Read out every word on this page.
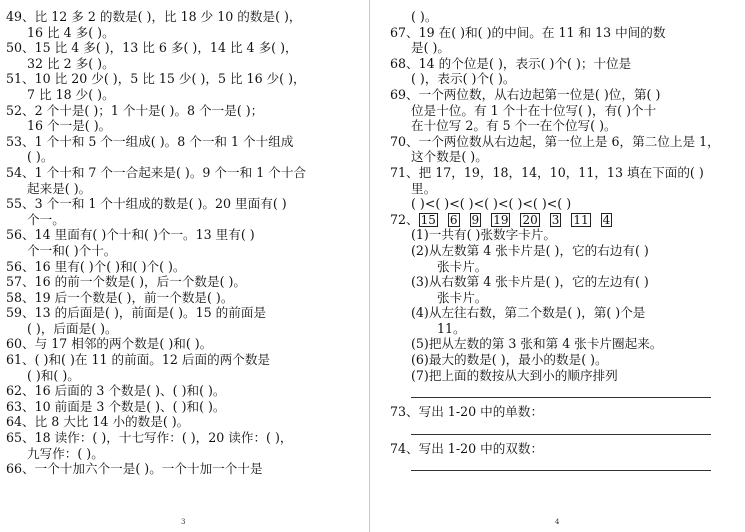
49、比 12 多 2 的数是( )，比 18 少 10 的数是( )，
16 比 4 多( )。
50、15 比 4 多( )，13 比 6 多( )，14 比 4 多( )，
32 比 2 多( )。
51、10 比 20 少( )，5 比 15 少( )，5 比 16 少( )，
7 比 18 少( )。
52、2 个十是( )；1 个十是( )。8 个一是( )；
16 个一是( )。
53、1 个十和 5 个一组成( )。8 个一和 1 个十组成
( )。
54、1 个十和 7 个一合起来是( )。9 个一和 1 个十合
起来是( )。
55、3 个一和 1 个十组成的数是( )。20 里面有( )
个一。
56、14 里面有( )个十和( )个一。13 里有( )
个一和( )个十。
56、16 里有( )个( )和( )个( )。
57、16 的前一个数是( )，后一个数是( )。
58、19 后一个数是( )，前一个数是( )。
59、13 的后面是( )，前面是( )。15 的前面是
( )，后面是( )。
60、与 17 相邻的两个数是( )和( )。
61、( )和( )在 11 的前面。12 后面的两个数是
( )和( )。
62、16 后面的 3 个数是( )、( )和( )。
63、10 前面是 3 个数是( )、( )和( )。
64、比 8 大比 14 小的数是( )。
65、18 读作：( )，十七写作：( )，20 读作：( )，
九写作：( )。
66、一个十加六个一是( )。一个十加一个十是
3
( )。
67、19 在( )和( )的中间。在 11 和 13 中间的数
是( )。
68、14 的个位是( )，表示( )个( )；十位是
( )，表示( )个( )。
69、一个两位数，从右边起第一位是( )位，第( )
位是十位。有 1 个十在十位写( )，有( )个十
在十位写 2。有 5 个一在个位写( )。
70、一个两位数从右边起，第一位上是 6，第二位上是 1，
这个数是( )。
71、把 17，19，18，14，10，11，13 填在下面的( )
里。
( )<( )<( )<( )<( )<( )<( )
72、 15 6 9 19 20 3 11 4
(1)一共有( )张数字卡片。
(2)从左数第 4 张卡片是( )，它的右边有( )
张卡片。
(3)从右数第 4 张卡片是( )，它的左边有( )
张卡片。
(4)从左往右数，第二个数是( )，第( )个是
11。
(5)把从左数的第 3 张和第 4 张卡片圈起来。
(6)最大的数是( )，最小的数是( )。
(7)把上面的数按从大到小的顺序排列
73、写出 1-20 中的单数：
74、写出 1-20 中的双数：
4
